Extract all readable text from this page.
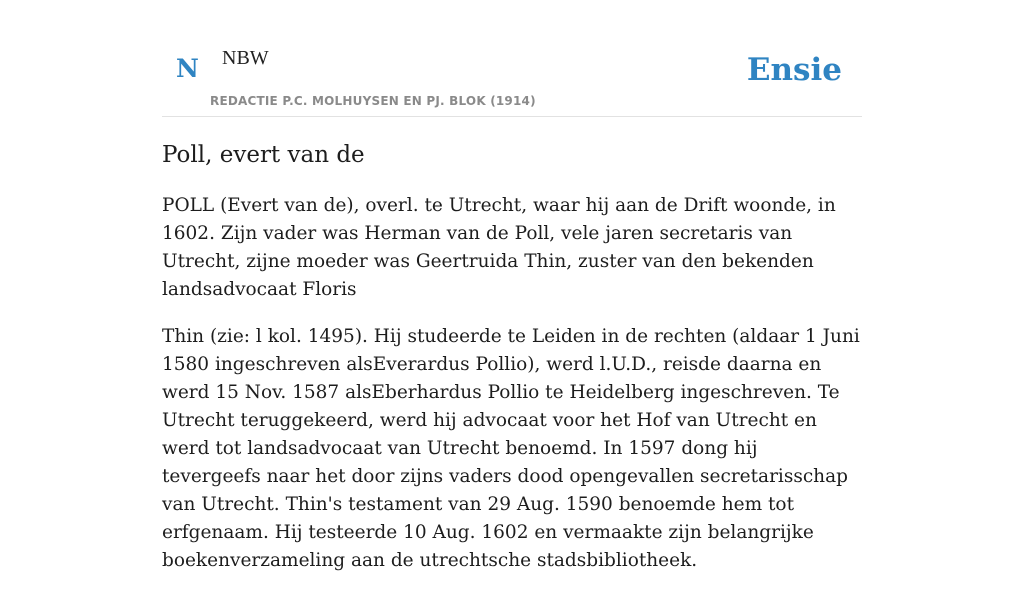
N NBW
REDACTIE P.C. MOLHUYSEN EN PJ. BLOK (1914)
Ensie
Poll, evert van de

POLL (Evert van de), overl. te Utrecht, waar hij aan de Drift woonde, in 1602. Zijn vader was Herman van de Poll, vele jaren secretaris van Utrecht, zijne moeder was Geertruida Thin, zuster van den bekenden landsadvocaat Floris

Thin (zie: l kol. 1495). Hij studeerde te Leiden in de rechten (aldaar 1 Juni 1580 ingeschreven alsEverardus Pollio), werd l.U.D., reisde daarna en werd 15 Nov. 1587 alsEberhardus Pollio te Heidelberg ingeschreven. Te Utrecht teruggekeerd, werd hij advocaat voor het Hof van Utrecht en werd tot landsadvocaat van Utrecht benoemd. In 1597 dong hij tevergeefs naar het door zijns vaders dood opengevallen secretarisschap van Utrecht. Thin's testament van 29 Aug. 1590 benoemde hem tot erfgenaam. Hij testeerde 10 Aug. 1602 en vermaakte zijn belangrijke boekenverzameling aan de utrechtsche stadsbibliotheek.
